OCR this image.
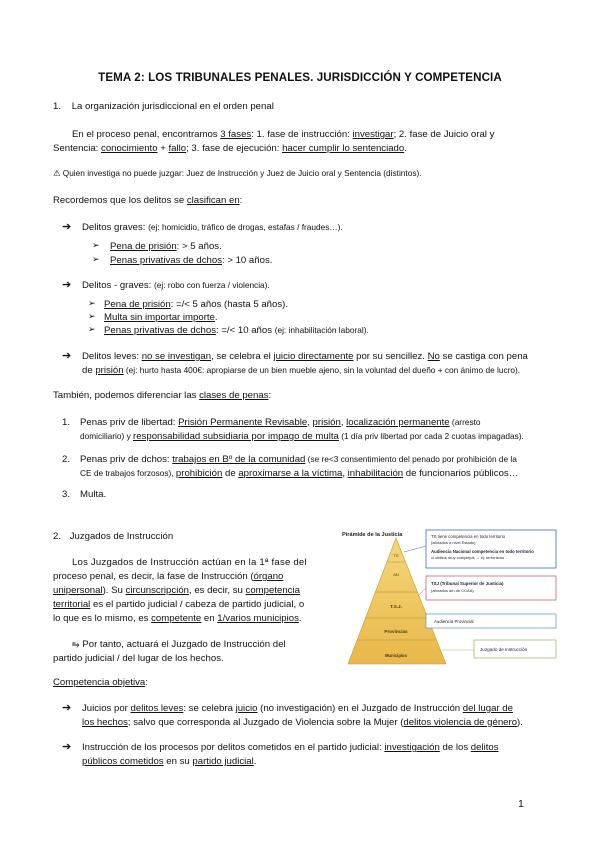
TEMA 2: LOS TRIBUNALES PENALES. JURISDICCIÓN Y COMPETENCIA
1. La organización jurisdiccional en el orden penal
En el proceso penal, encontramos 3 fases: 1. fase de instrucción: investigar; 2. fase de Juicio oral y
Sentencia: conocimiento + fallo; 3. fase de ejecución: hacer cumplir lo sentenciado.
⚠ Quien investiga no puede juzgar: Juez de Instrucción y Juez de Juicio oral y Sentencia (distintos).
Recordemos que los delitos se clasifican en:
➔ Delitos graves: (ej: homicidio, tráfico de drogas, estafas / fraudes…).
➢ Pena de prisión: > 5 años.
➢ Penas privativas de dchos: > 10 años.
➔ Delitos - graves: (ej: robo con fuerza / violencia).
➢ Pena de prisión: =/< 5 años (hasta 5 años).
➢ Multa sin importar importe.
➢ Penas privativas de dchos: =/< 10 años (ej: inhabilitación laboral).
➔ Delitos leves: no se investigan, se celebra el juicio directamente por su sencillez. No se castiga con pena
de prisión (ej: hurto hasta 400€: apropiarse de un bien mueble ajeno, sin la voluntad del dueño + con ánimo de lucro).
También, podemos diferenciar las clases de penas:
1. Penas priv de libertad: Prisión Permanente Revisable, prisión, localización permanente (arresto
domiciliario) y responsabilidad subsidiaria por impago de multa (1 día priv libertad por cada 2 cuotas impagadas).
2. Penas priv de dchos: trabajos en Bº de la comunidad (se re<3 consentimiento del penado por prohibición de la
CE de trabajos forzosos), prohibición de aproximarse a la víctima, inhabilitación de funcionarios públicos…
3. Multa.
2. Juzgados de Instrucción
Los Juzgados de Instrucción actúan en la 1ª fase del
proceso penal, es decir, la fase de Instrucción (órgano
unipersonal). Su circunscripción, es decir, su competencia
territorial es el partido judicial / cabeza de partido judicial, o
lo que es lo mismo, es competente en 1/varios municipios.
⥱ Por tanto, actuará el Juzgado de Instrucción del
partido judicial / del lugar de los hechos.
Pirámide de la Justicia
TS
AN
T.S.J.
Provincias
Municipios
TS tiene competencia en todo territorio
(aforados a nivel Estado)
Audiencia Nacional competencia en todo territorio
x/ delitos muy complejos → ej: terrorismo
TSJ (Tribunal Superior de Justicia)
(aforados a/n de CCAA)
Audiencia Provincial
Juzgado de Instrucción
Competencia objetiva:
➔ Juicios por delitos leves: se celebra juicio (no investigación) en el Juzgado de Instrucción del lugar de
los hechos; salvo que corresponda al Juzgado de Violencia sobre la Mujer (delitos violencia de género).
➔ Instrucción de los procesos por delitos cometidos en el partido judicial: investigación de los delitos
públicos cometidos en su partido judicial.
1
